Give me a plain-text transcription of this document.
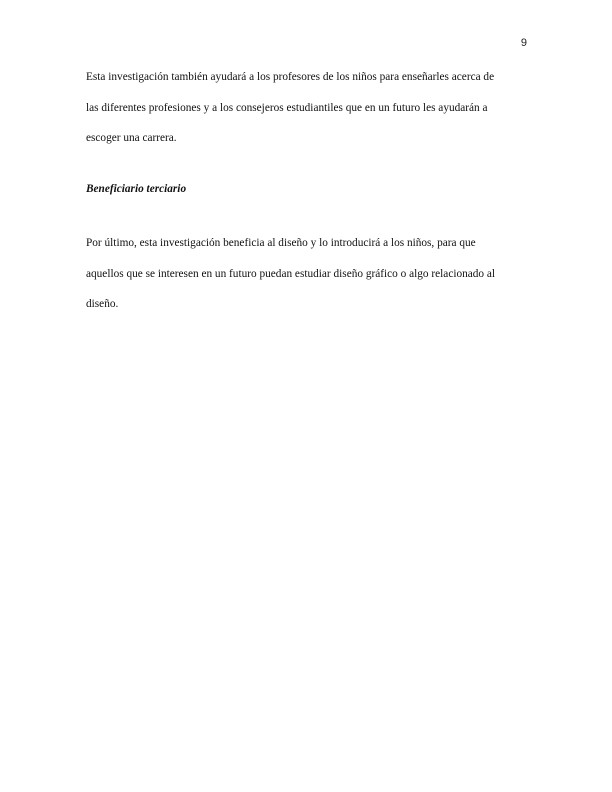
9
Esta investigación también ayudará a los profesores de los niños para enseñarles acerca de
las diferentes profesiones y a los consejeros estudiantiles que en un futuro les ayudarán a
escoger una carrera.
Beneficiario terciario
Por último, esta investigación beneficia al diseño y lo introducirá a los niños, para que
aquellos que se interesen en un futuro puedan estudiar diseño gráfico o algo relacionado al
diseño.
